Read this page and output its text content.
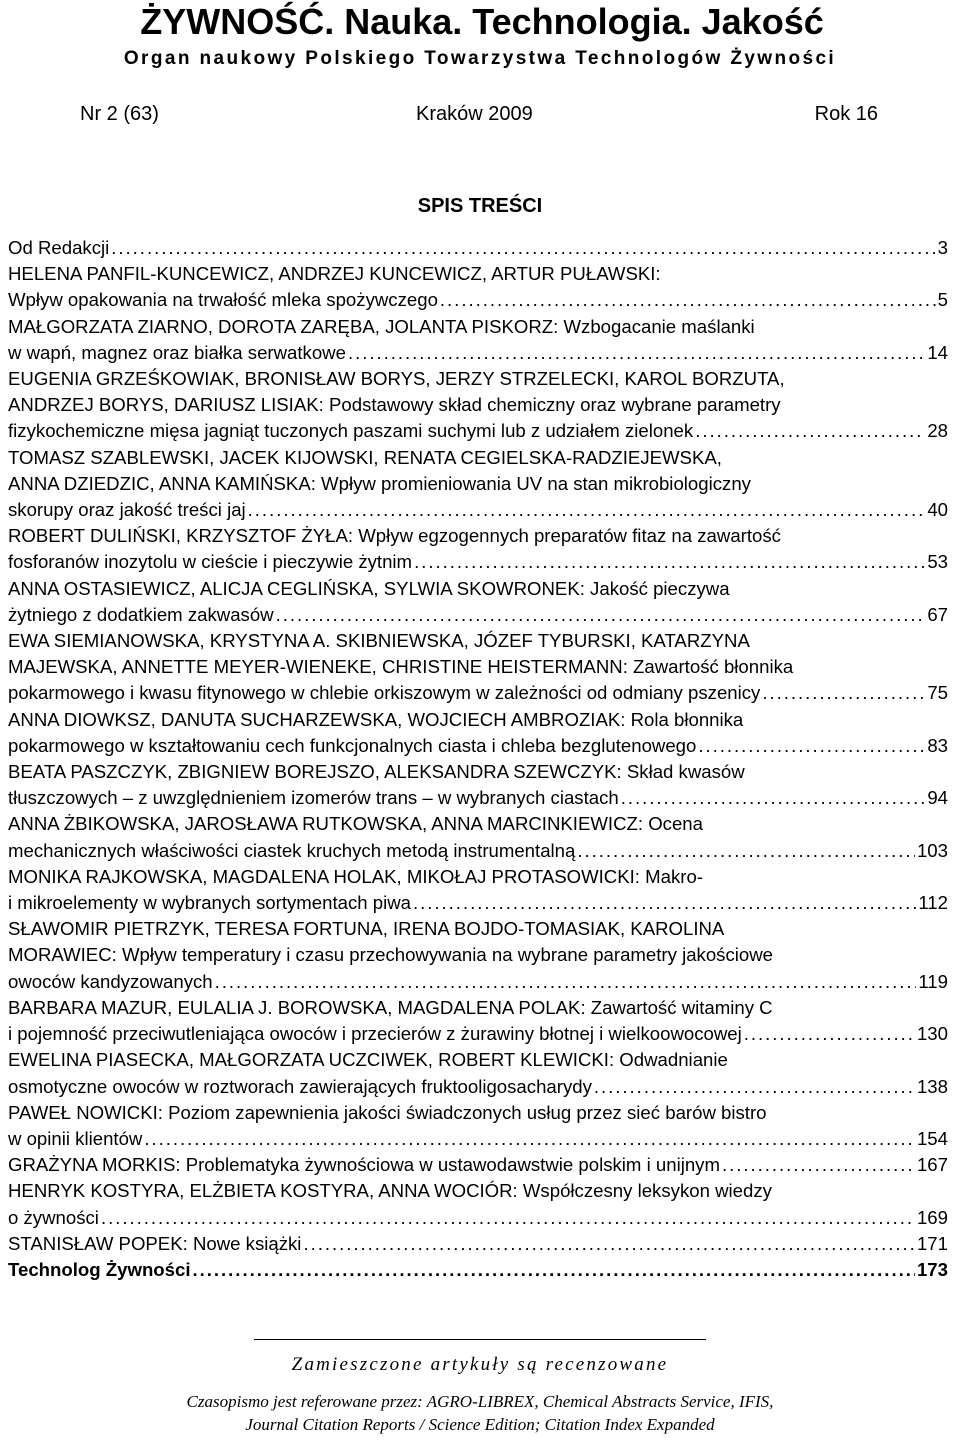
ŻYWNOŚĆ. Nauka. Technologia. Jakość
Organ naukowy Polskiego Towarzystwa Technologów Żywności
Nr 2 (63)	Kraków 2009	Rok 16
SPIS TREŚCI
Od Redakcji . . .	3
HELENA PANFIL-KUNCEWICZ, ANDRZEJ KUNCEWICZ, ARTUR PUŁAWSKI:
Wpływ opakowania na trwałość mleka spożywczego . . .	5
MAŁGORZATA ZIARNO, DOROTA ZARĘBA, JOLANTA PISKORZ: Wzbogacanie maślanki
w wapń, magnez oraz białka serwatkowe . . .	14
EUGENIA GRZEŚKOWIAK, BRONISŁAW BORYS, JERZY STRZELECKI, KAROL BORZUTA,
ANDRZEJ BORYS, DARIUSZ LISIAK: Podstawowy skład chemiczny oraz wybrane parametry
fizykochemiczne mięsa jagniąt tuczonych paszami suchymi lub z udziałem zielonek . . .	28
TOMASZ SZABLEWSKI, JACEK KIJOWSKI, RENATA CEGIELSKA-RADZIEJEWSKA,
ANNA DZIEDZIC, ANNA KAMIŃSKA: Wpływ promieniowania UV na stan mikrobiologiczny
skorupy oraz jakość treści jaj . . .	40
ROBERT DULIŃSKI, KRZYSZTOF ŻYŁA: Wpływ egzogennych preparatów fitaz na zawartość
fosforanów inozytolu w cieście i pieczywie żytnim . . .	53
ANNA OSTASIEWICZ, ALICJA CEGLIŃSKA, SYLWIA SKOWRONEK: Jakość pieczywa
żytniego z dodatkiem zakwasów . . .	67
EWA SIEMIANOWSKA, KRYSTYNA A. SKIBNIEWSKA, JÓZEF TYBURSKI, KATARZYNA
MAJEWSKA, ANNETTE MEYER-WIENEKE, CHRISTINE HEISTERMANN: Zawartość błonnika
pokarmowego i kwasu fitynowego w chlebie orkiszowym w zależności od odmiany pszenicy . . .	75
ANNA DIOWKSZ, DANUTA SUCHARZEWSKA, WOJCIECH AMBROZIAK: Rola błonnika
pokarmowego w kształtowaniu cech funkcjonalnych ciasta i chleba bezglutenowego . . .	83
BEATA PASZCZYK, ZBIGNIEW BOREJSZO, ALEKSANDRA SZEWCZYK: Skład kwasów
tłuszczowych – z uwzględnieniem izomerów trans – w wybranych ciastach . . .	94
ANNA ŻBIKOWSKA, JAROSŁAWA RUTKOWSKA, ANNA MARCINKIEWICZ: Ocena
mechanicznych właściwości ciastek kruchych metodą instrumentalną . . .	103
MONIKA RAJKOWSKA, MAGDALENA HOLAK, MIKOŁAJ PROTASOWICKI: Makro-
i mikroelementy w wybranych sortymentach piwa . . .	112
SŁAWOMIR PIETRZYK, TERESA FORTUNA, IRENA BOJDO-TOMASIAK, KAROLINA
MORAWIEC: Wpływ temperatury i czasu przechowywania na wybrane parametry jakościowe
owoców kandyzowanych . . .	119
BARBARA MAZUR, EULALIA J. BOROWSKA, MAGDALENA POLAK: Zawartość witaminy C
i pojemność przeciwutleniająca owoców i przecierów z żurawiny błotnej i wielkoowocowej . . .	130
EWELINA PIASECKA, MAŁGORZATA UCZCIWEK, ROBERT KLEWICKI: Odwadnianie
osmotyczne owoców w roztworach zawierających fruktooligosacharydy . . .	138
PAWEŁ NOWICKI: Poziom zapewnienia jakości świadczonych usług przez sieć barów bistro
w opinii klientów . . .	154
GRAŻYNA MORKIS: Problematyka żywnościowa w ustawodawstwie polskim i unijnym . . .	167
HENRYK KOSTYRA, ELŻBIETA KOSTYRA, ANNA WOCIÓR: Współczesny leksykon wiedzy
o żywności . . .	169
STANISŁAW POPEK: Nowe książki . . .	171
Technolog Żywności . . .	173
Zamieszczone artykuły są recenzowane
Czasopismo jest referowane przez: AGRO-LIBREX, Chemical Abstracts Service, IFIS,
Journal Citation Reports / Science Edition; Citation Index Expanded
